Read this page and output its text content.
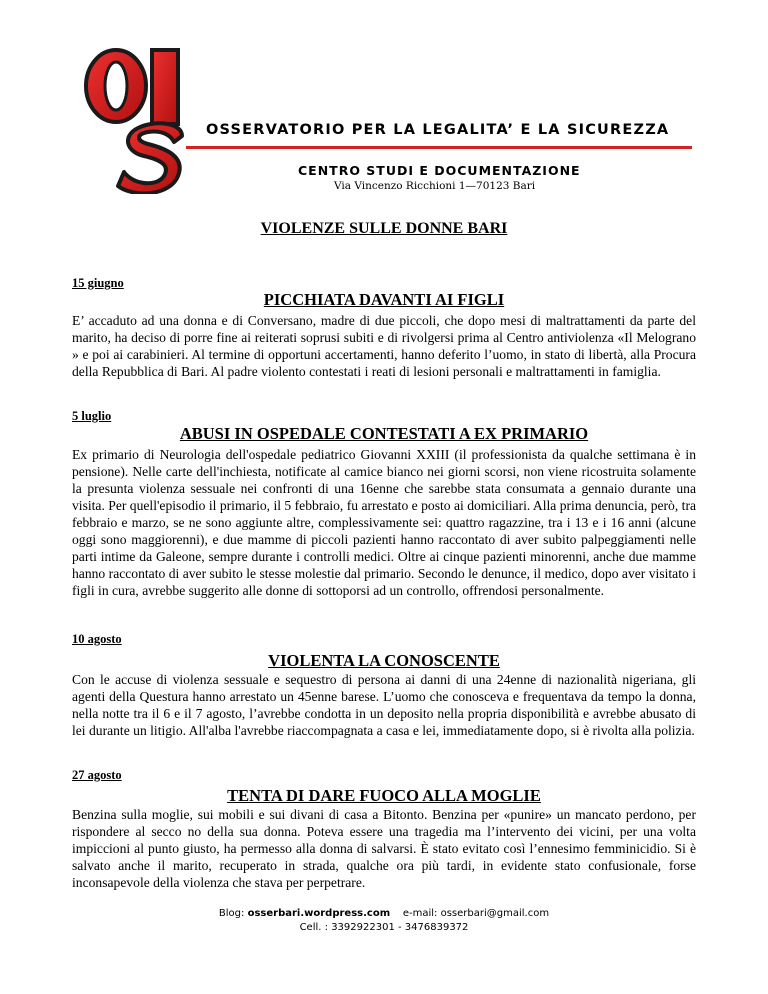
OSSERVATORIO PER LA LEGALITA’ E LA SICUREZZA
CENTRO STUDI E DOCUMENTAZIONE
Via Vincenzo Ricchioni 1—70123 Bari
VIOLENZE SULLE DONNE BARI
15 giugno
PICCHIATA DAVANTI AI FIGLI
E’ accaduto ad una donna e di Conversano, madre di due piccoli, che dopo mesi di maltrattamenti da parte del marito, ha deciso di porre fine ai reiterati soprusi subiti e di rivolgersi prima al Centro antiviolenza «Il Melograno » e poi ai carabinieri. Al termine di opportuni accertamenti, hanno deferito l’uomo, in stato di libertà, alla Procura della Repubblica di Bari. Al padre violento contestati i reati di lesioni personali e maltrattamenti in famiglia.
5 luglio
ABUSI IN OSPEDALE CONTESTATI A EX PRIMARIO
Ex primario di Neurologia dell'ospedale pediatrico Giovanni XXIII (il professionista da qualche settimana è in pensione). Nelle carte dell'inchiesta, notificate al camice bianco nei giorni scorsi, non viene ricostruita solamente la presunta violenza sessuale nei confronti di una 16enne che sarebbe stata consumata a gennaio durante una visita. Per quell'episodio il primario, il 5 febbraio, fu arrestato e posto ai domiciliari. Alla prima denuncia, però, tra febbraio e marzo, se ne sono aggiunte altre, complessivamente sei: quattro ragazzine, tra i 13 e i 16 anni (alcune oggi sono maggiorenni), e due mamme di piccoli pazienti hanno raccontato di aver subito palpeggiamenti nelle parti intime da Galeone, sempre durante i controlli medici. Oltre ai cinque pazienti minorenni, anche due mamme hanno raccontato di aver subito le stesse molestie dal primario. Secondo le denunce, il medico, dopo aver visitato i figli in cura, avrebbe suggerito alle donne di sottoporsi ad un controllo, offrendosi personalmente.
10 agosto
VIOLENTA LA CONOSCENTE
Con le accuse di violenza sessuale e sequestro di persona ai danni di una 24enne di nazionalità nigeriana, gli agenti della Questura hanno arrestato un 45enne barese. L’uomo che conosceva e frequentava da tempo la donna, nella notte tra il 6 e il 7 agosto, l’avrebbe condotta in un deposito nella propria disponibilità e avrebbe abusato di lei durante un litigio. All'alba l'avrebbe riaccompagnata a casa e lei, immediatamente dopo, si è rivolta alla polizia.
27 agosto
TENTA DI DARE FUOCO ALLA MOGLIE
Benzina sulla moglie, sui mobili e sui divani di casa a Bitonto. Benzina per «punire» un mancato perdono, per rispondere al secco no della sua donna. Poteva essere una tragedia ma l’intervento dei vicini, per una volta impiccioni al punto giusto, ha permesso alla donna di salvarsi. È stato evitato così l’ennesimo femminicidio. Si è salvato anche il marito, recuperato in strada, qualche ora più tardi, in evidente stato confusionale, forse inconsapevole della violenza che stava per perpetrare.
Blog: osserbari.wordpress.com e-mail: osserbari@gmail.com
Cell. : 3392922301 - 3476839372
